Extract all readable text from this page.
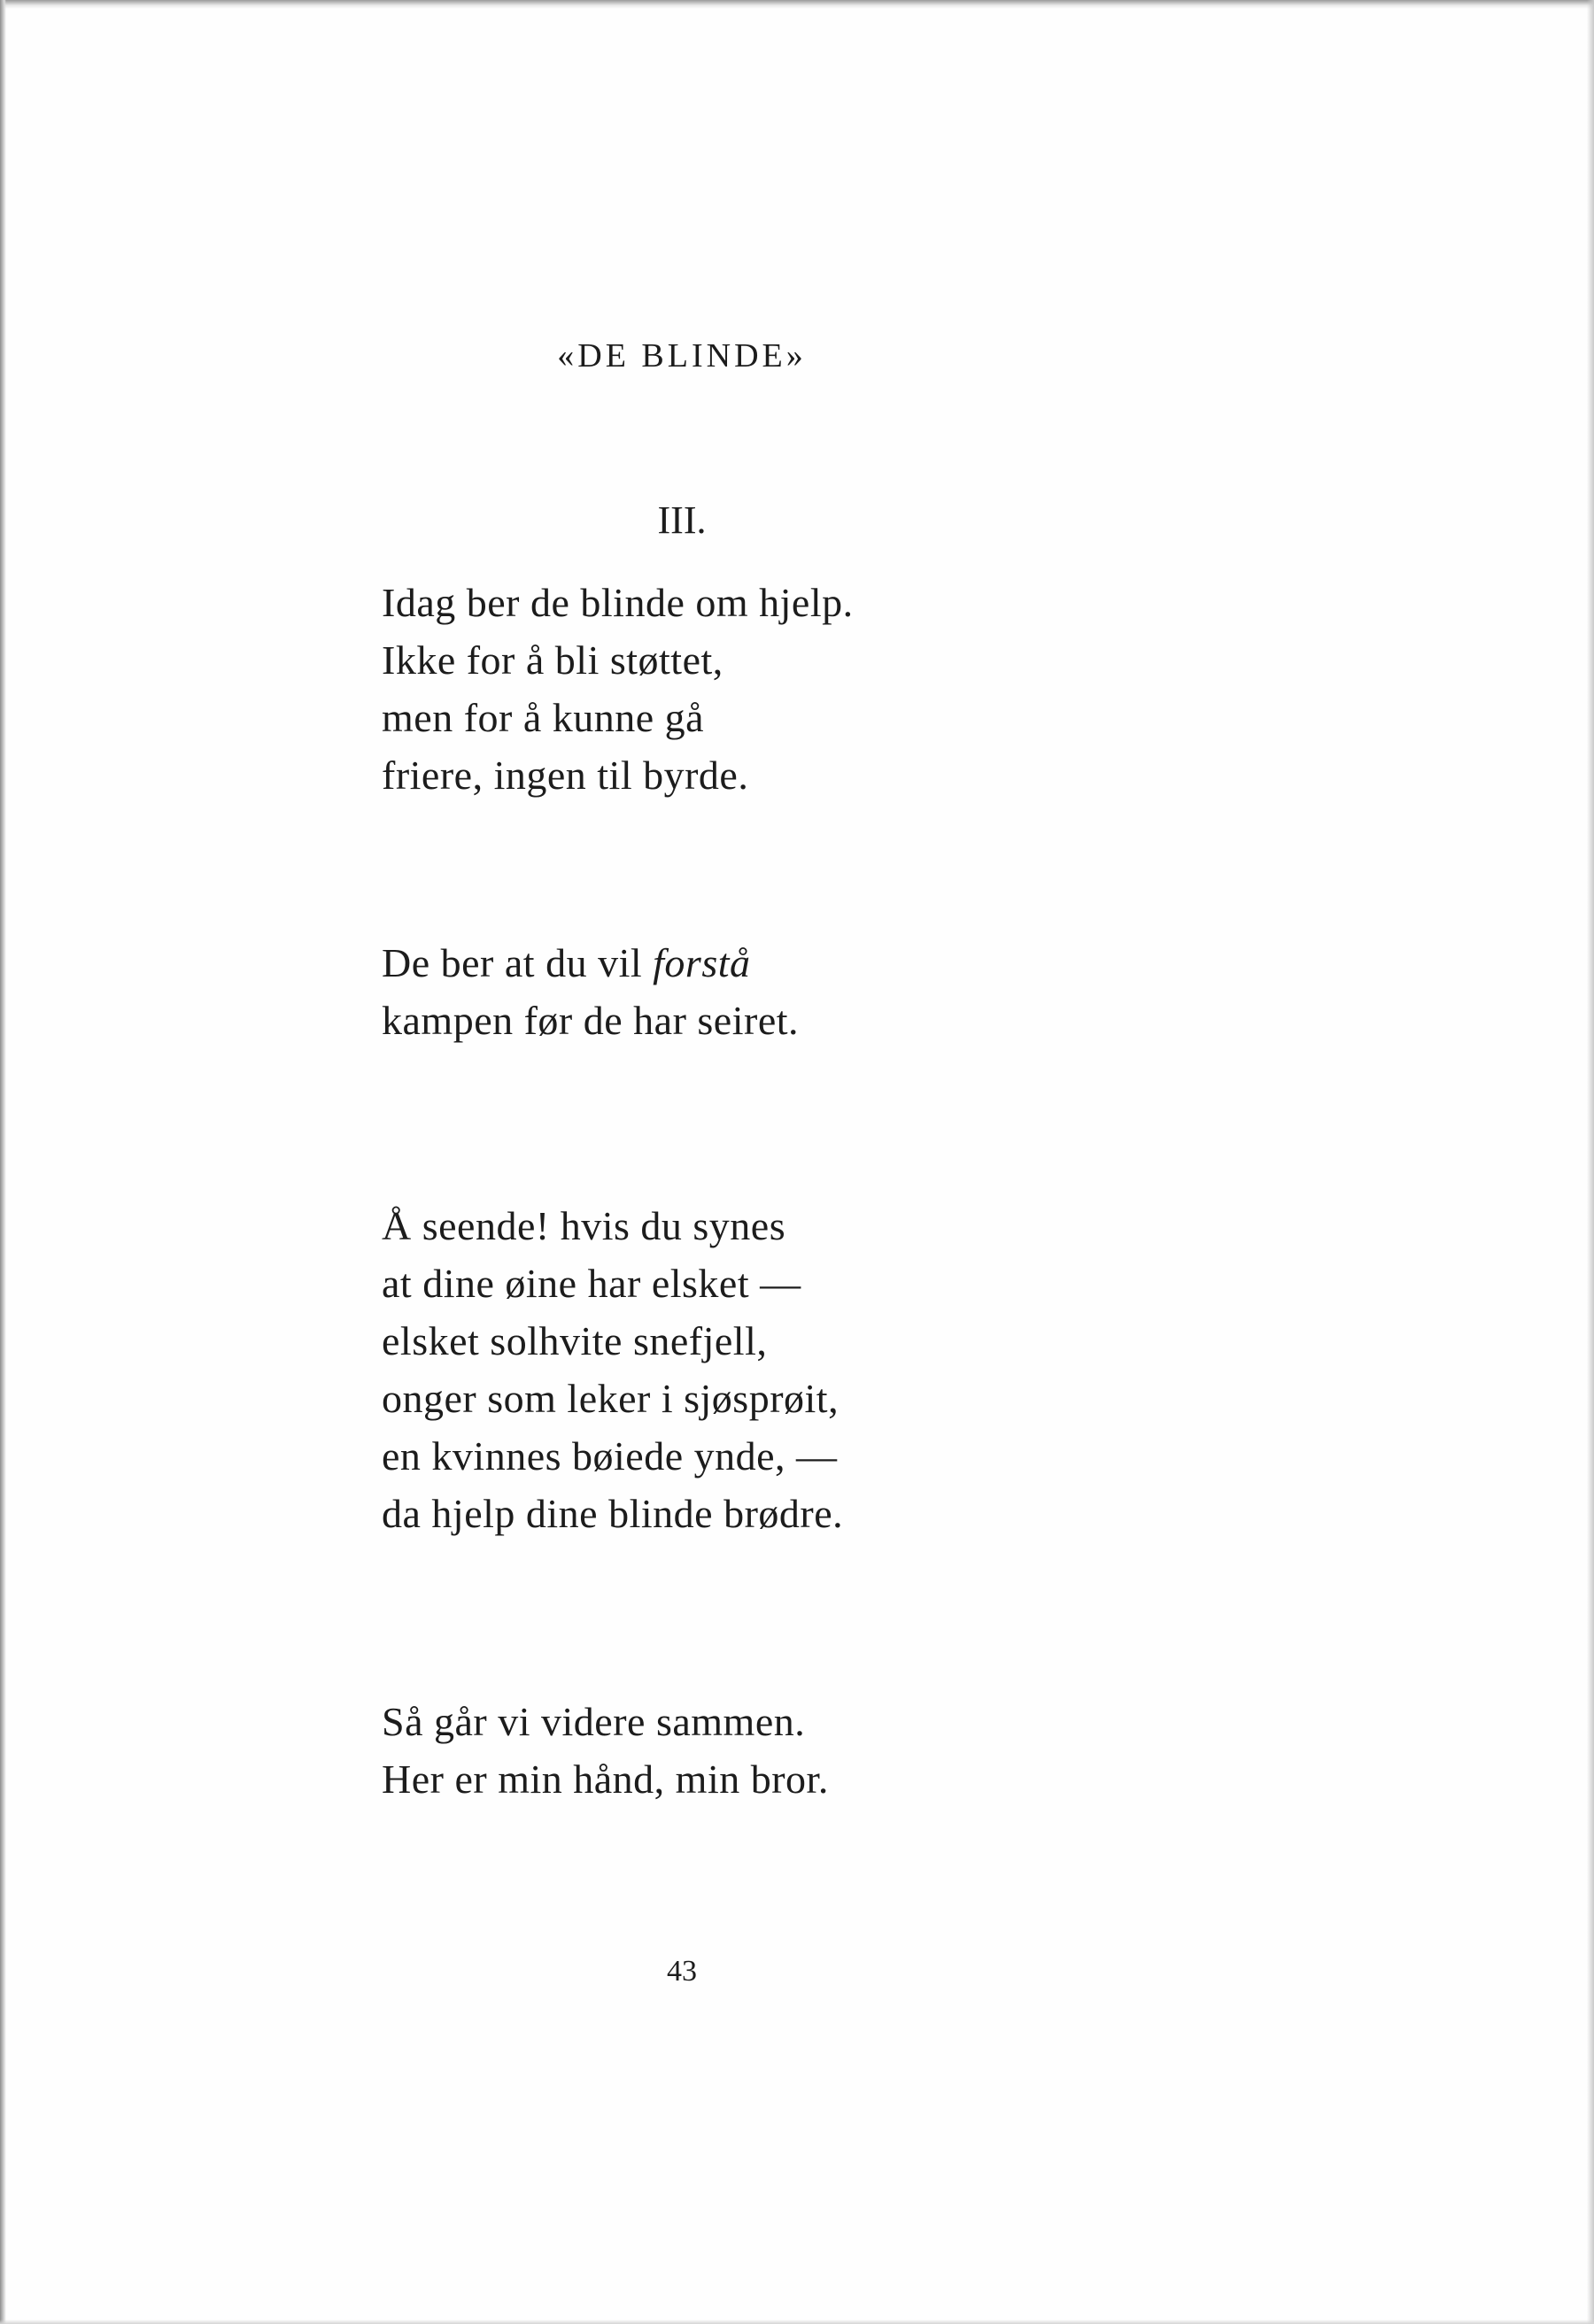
«DE BLINDE»
III.

Idag ber de blinde om hjelp.
Ikke for å bli støttet,
men for å kunne gå
friere, ingen til byrde.

De ber at du vil forstå
kampen før de har seiret.

Å seende! hvis du synes
at dine øine har elsket —
elsket solhvite snefjell,
onger som leker i sjøsprøit,
en kvinnes bøiede ynde, —
da hjelp dine blinde brødre.

Så går vi videre sammen.
Her er min hånd, min bror.

43
